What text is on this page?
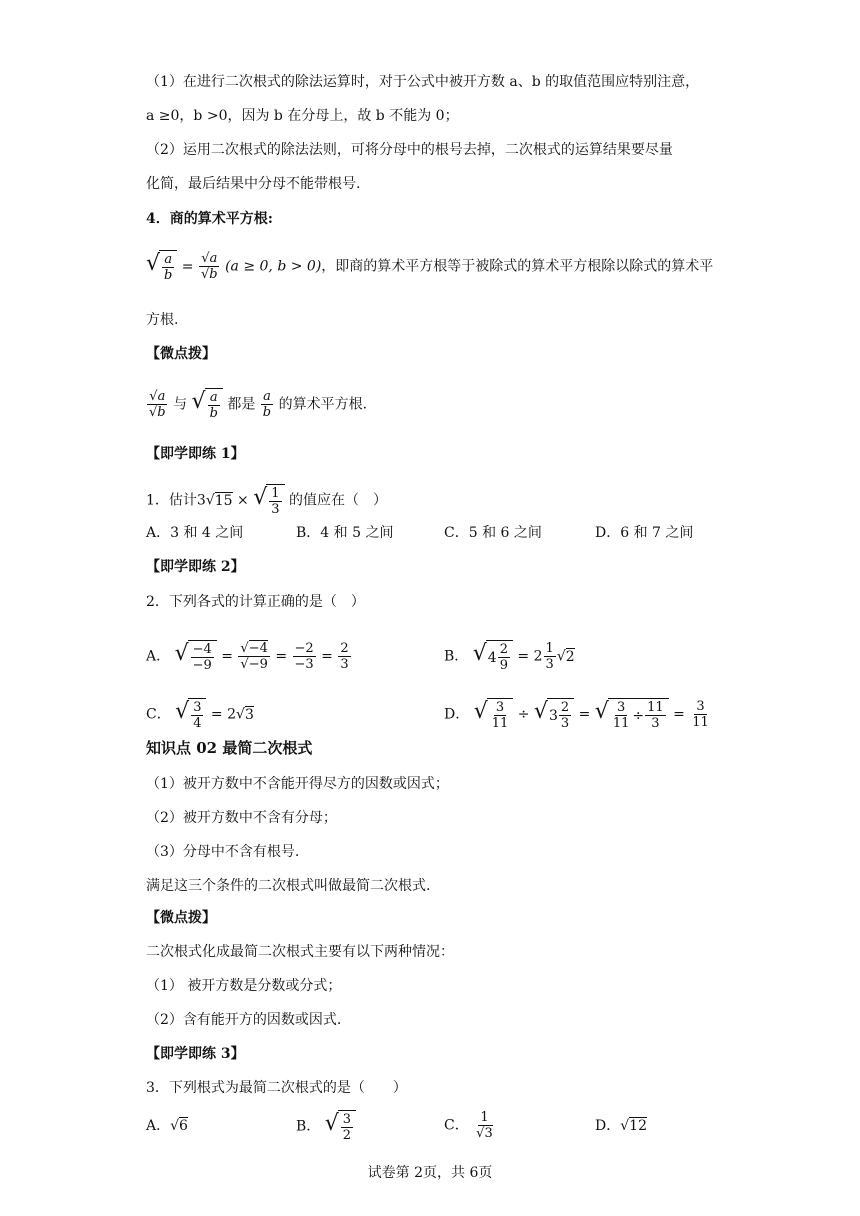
（1）在进行二次根式的除法运算时，对于公式中被开方数 a、b 的取值范围应特别注意，
a ≥0，b >0，因为 b 在分母上，故 b 不能为 0；
（2）运用二次根式的除法法则，可将分母中的根号去掉，二次根式的运算结果要尽量
化简，最后结果中分母不能带根号.
4．商的算术平方根:
√ $\frac{a}{b} = \frac{√a}{√b} (a \ge 0$, b > 0)，即商的算术平方根等于被除式的算术平方根除以除式的算术平
方根.
【微点拨】
$\frac{√a}{√b}$ 与 √ $\frac{a}{b}$ 都是 $\frac{a}{b}$ 的算术平方根.
【即学即练 1】
1．估计3√15 × √ $\frac{1}{3}$ 的值应在（　）
A．3 和 4 之间	B．4 和 5 之间	C．5 和 6 之间	D．6 和 7 之间
【即学即练 2】
2．下列各式的计算正确的是（　）
A． √ $\frac{-4}{-9} = \frac{√-4}{√-9} = \frac{-2}{-3} = \frac{2}{3}$	B． √ $4 \frac{2}{9} = 2 \frac{1}{3} √2$
C． √ $\frac{3}{4} = 2√3$	D． √ $\frac{3}{11}$ ÷ √ $3 \frac{2}{3}$ = √ $\frac{3}{11} \div \frac{11}{3} = \frac{3}{11}$
知识点 02 最简二次根式
（1）被开方数中不含能开得尽方的因数或因式；
（2）被开方数中不含有分母；
（3）分母中不含有根号.
满足这三个条件的二次根式叫做最简二次根式.
【微点拨】
二次根式化成最简二次根式主要有以下两种情况：
（1） 被开方数是分数或分式；
（2）含有能开方的因数或因式.
【即学即练 3】
3．下列根式为最简二次根式的是（　　）
A．√6	B． √ $\frac{3}{2}$	C． $\frac{1}{√3}$	D．√12
试卷第 2页，共 6页
